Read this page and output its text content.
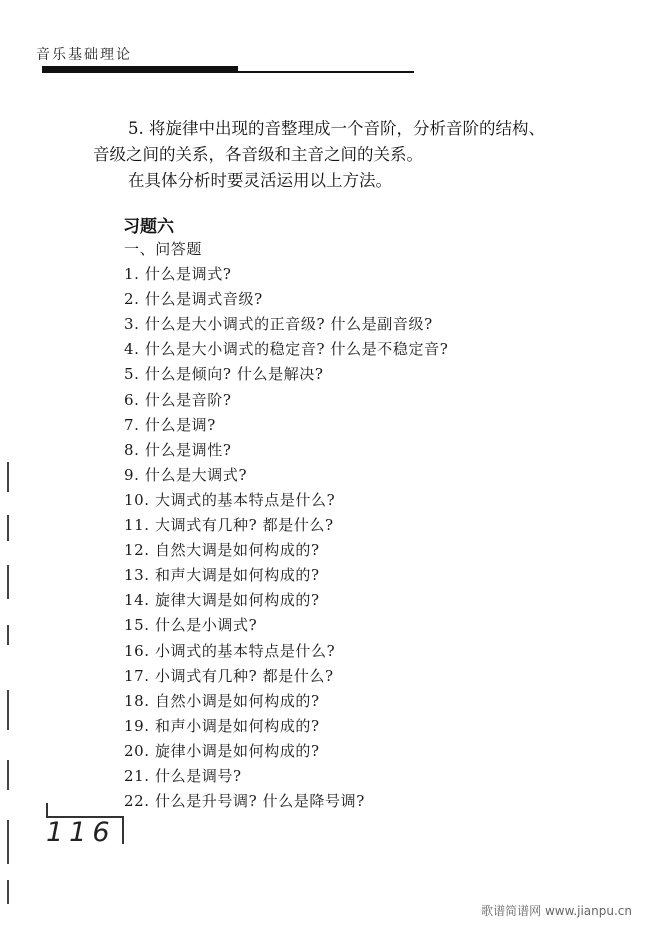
音乐基础理论
5. 将旋律中出现的音整理成一个音阶，分析音阶的结构、
音级之间的关系，各音级和主音之间的关系。
在具体分析时要灵活运用以上方法。
习题六
一、问答题
1. 什么是调式?
2. 什么是调式音级?
3. 什么是大小调式的正音级? 什么是副音级?
4. 什么是大小调式的稳定音? 什么是不稳定音?
5. 什么是倾向? 什么是解决?
6. 什么是音阶?
7. 什么是调?
8. 什么是调性?
9. 什么是大调式?
10. 大调式的基本特点是什么?
11. 大调式有几种? 都是什么?
12. 自然大调是如何构成的?
13. 和声大调是如何构成的?
14. 旋律大调是如何构成的?
15. 什么是小调式?
16. 小调式的基本特点是什么?
17. 小调式有几种? 都是什么?
18. 自然小调是如何构成的?
19. 和声小调是如何构成的?
20. 旋律小调是如何构成的?
21. 什么是调号?
22. 什么是升号调? 什么是降号调?
116
歌谱简谱网 www.jianpu.cn
